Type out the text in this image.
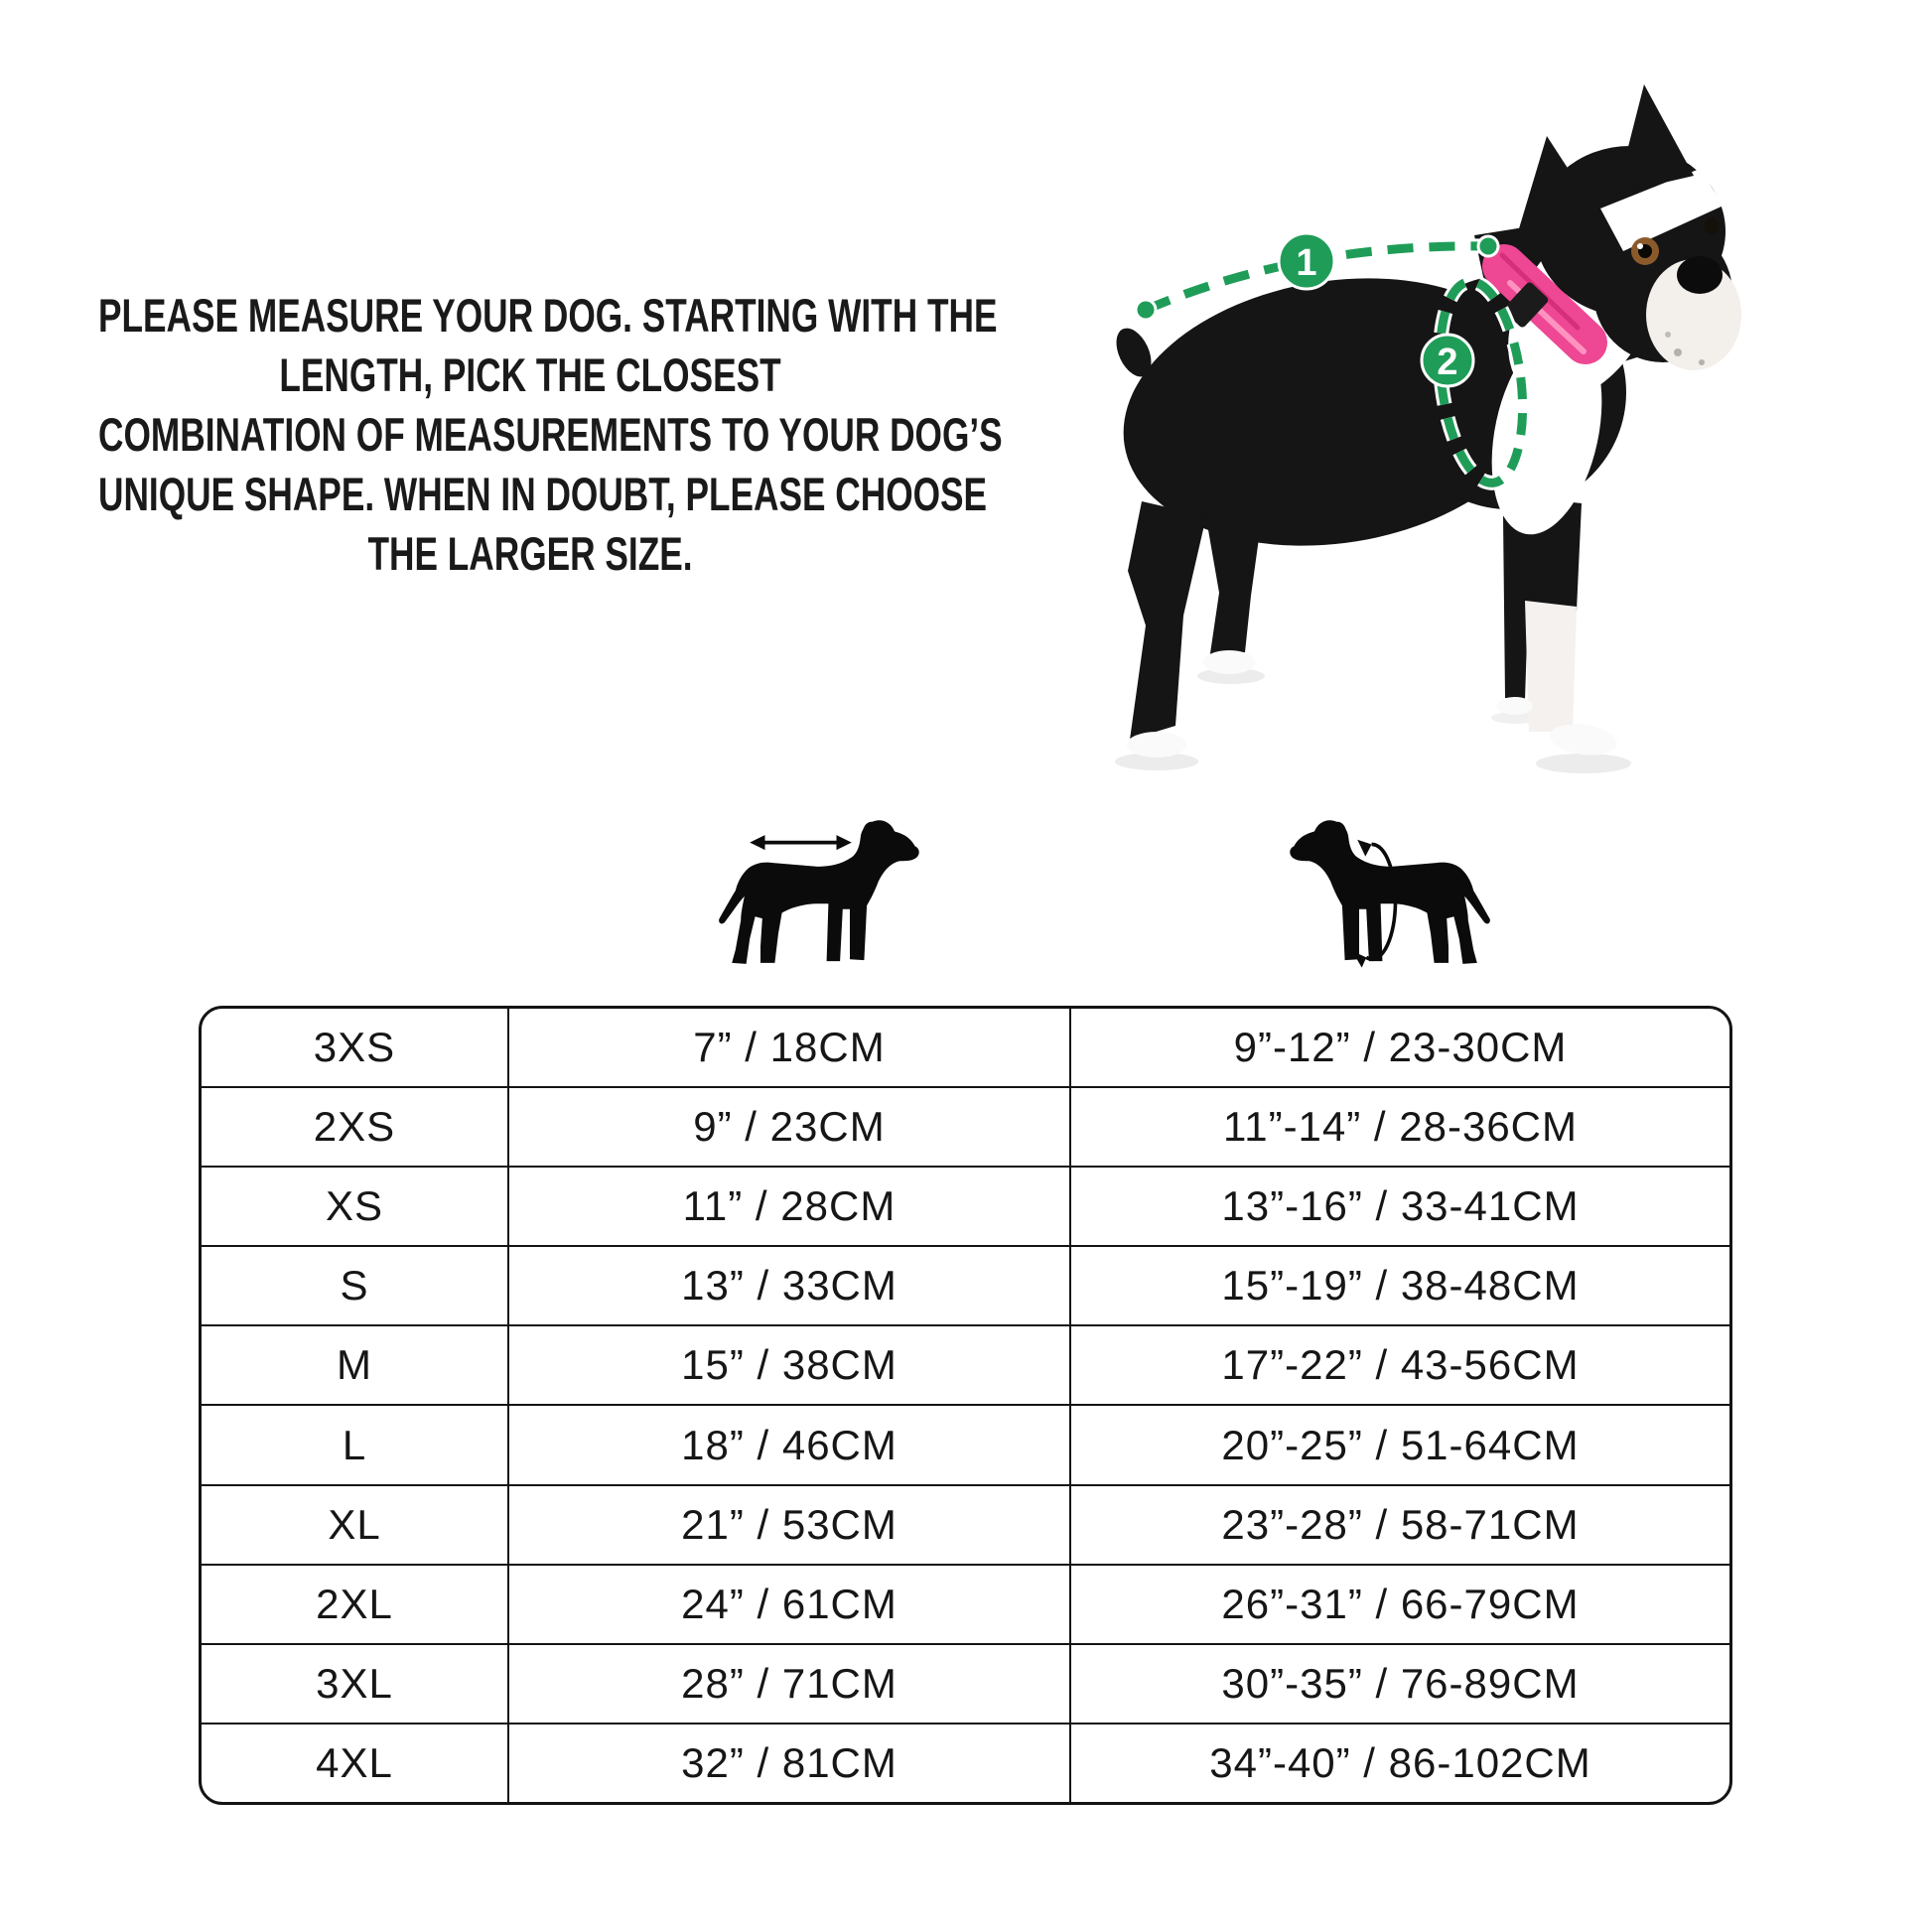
PLEASE MEASURE YOUR DOG. STARTING WITH THE
LENGTH, PICK THE CLOSEST
COMBINATION OF MEASUREMENTS TO YOUR DOG’S
UNIQUE SHAPE. WHEN IN DOUBT, PLEASE CHOOSE
THE LARGER SIZE.
1
2
3XS	7” / 18CM	9”-12” / 23-30CM
2XS	9” / 23CM	11”-14” / 28-36CM
XS	11” / 28CM	13”-16” / 33-41CM
S	13” / 33CM	15”-19” / 38-48CM
M	15” / 38CM	17”-22” / 43-56CM
L	18” / 46CM	20”-25” / 51-64CM
XL	21” / 53CM	23”-28” / 58-71CM
2XL	24” / 61CM	26”-31” / 66-79CM
3XL	28” / 71CM	30”-35” / 76-89CM
4XL	32” / 81CM	34”-40” / 86-102CM
